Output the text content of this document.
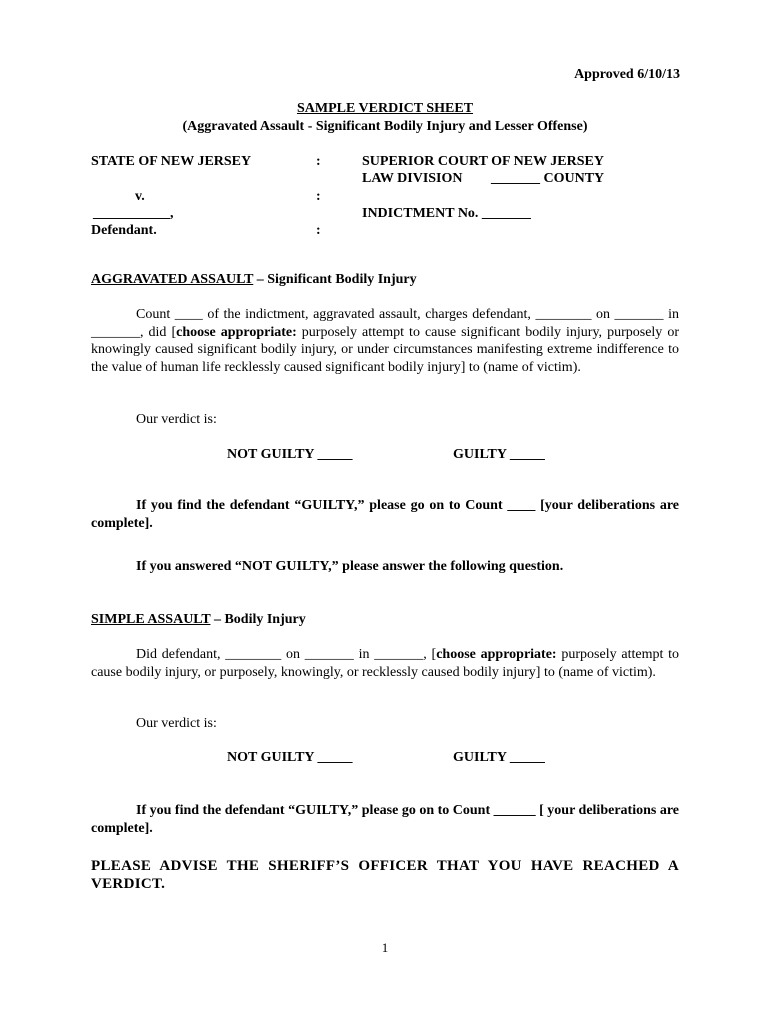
Approved 6/10/13
SAMPLE VERDICT SHEET
(Aggravated Assault - Significant Bodily Injury and Lesser Offense)
STATE OF NEW JERSEY
v.
___________,
Defendant.
:
:
:
SUPERIOR COURT OF NEW JERSEY
LAW DIVISION _______ COUNTY
INDICTMENT No. _______
AGGRAVATED ASSAULT – Significant Bodily Injury

Count ____ of the indictment, aggravated assault, charges defendant, ________ on _______ in _______, did [choose appropriate: purposely attempt to cause significant bodily injury, purposely or knowingly caused significant bodily injury, or under circumstances manifesting extreme indifference to the value of human life recklessly caused significant bodily injury] to (name of victim).

Our verdict is:
NOT GUILTY _____	GUILTY _____

If you find the defendant “GUILTY,” please go on to Count ____ [your deliberations are complete].

If you answered “NOT GUILTY,” please answer the following question.
SIMPLE ASSAULT – Bodily Injury

Did defendant, ________ on _______ in _______, [choose appropriate: purposely attempt to cause bodily injury, or purposely, knowingly, or recklessly caused bodily injury] to (name of victim).

Our verdict is:
NOT GUILTY _____	GUILTY _____

If you find the defendant “GUILTY,” please go on to Count ______ [ your deliberations are complete].

PLEASE ADVISE THE SHERIFF’S OFFICER THAT YOU HAVE REACHED A VERDICT.

1
